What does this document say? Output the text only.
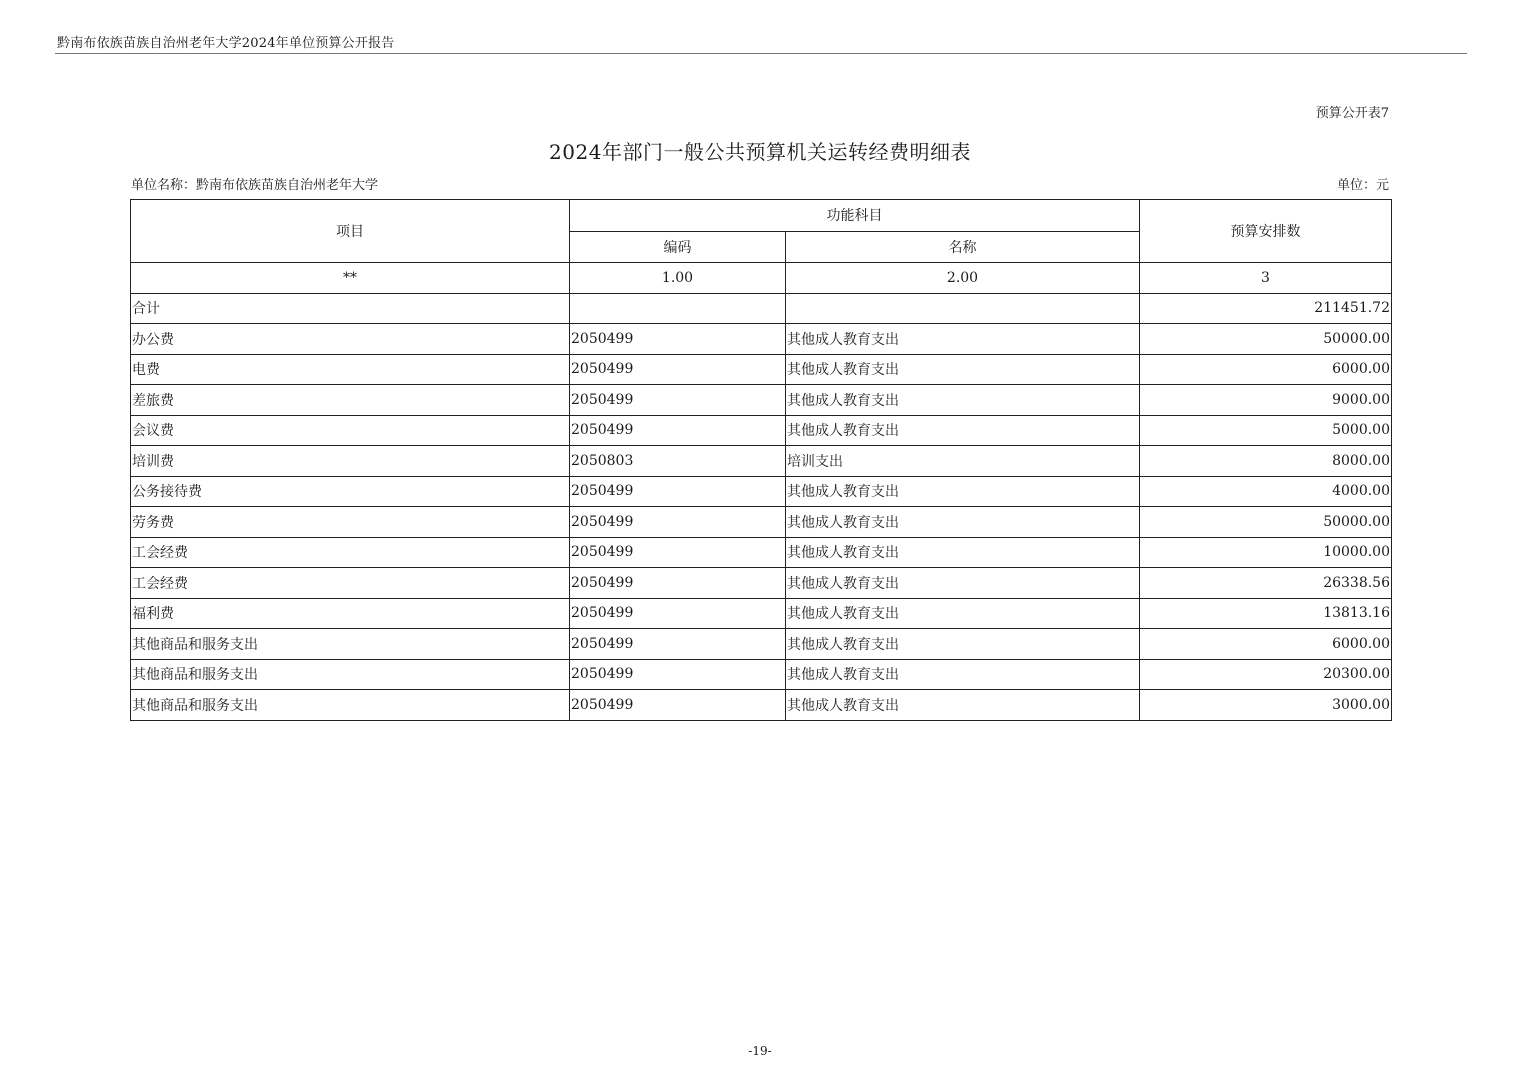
黔南布依族苗族自治州老年大学2024年单位预算公开报告
预算公开表7
2024年部门一般公共预算机关运转经费明细表
单位名称：黔南布依族苗族自治州老年大学	单位：元
项目	功能科目		预算安排数
	编码	名称	
**	1.00	2.00	3
合计			211451.72
办公费	2050499	其他成人教育支出	50000.00
电费	2050499	其他成人教育支出	6000.00
差旅费	2050499	其他成人教育支出	9000.00
会议费	2050499	其他成人教育支出	5000.00
培训费	2050803	培训支出	8000.00
公务接待费	2050499	其他成人教育支出	4000.00
劳务费	2050499	其他成人教育支出	50000.00
工会经费	2050499	其他成人教育支出	10000.00
工会经费	2050499	其他成人教育支出	26338.56
福利费	2050499	其他成人教育支出	13813.16
其他商品和服务支出	2050499	其他成人教育支出	6000.00
其他商品和服务支出	2050499	其他成人教育支出	20300.00
其他商品和服务支出	2050499	其他成人教育支出	3000.00
-19-
